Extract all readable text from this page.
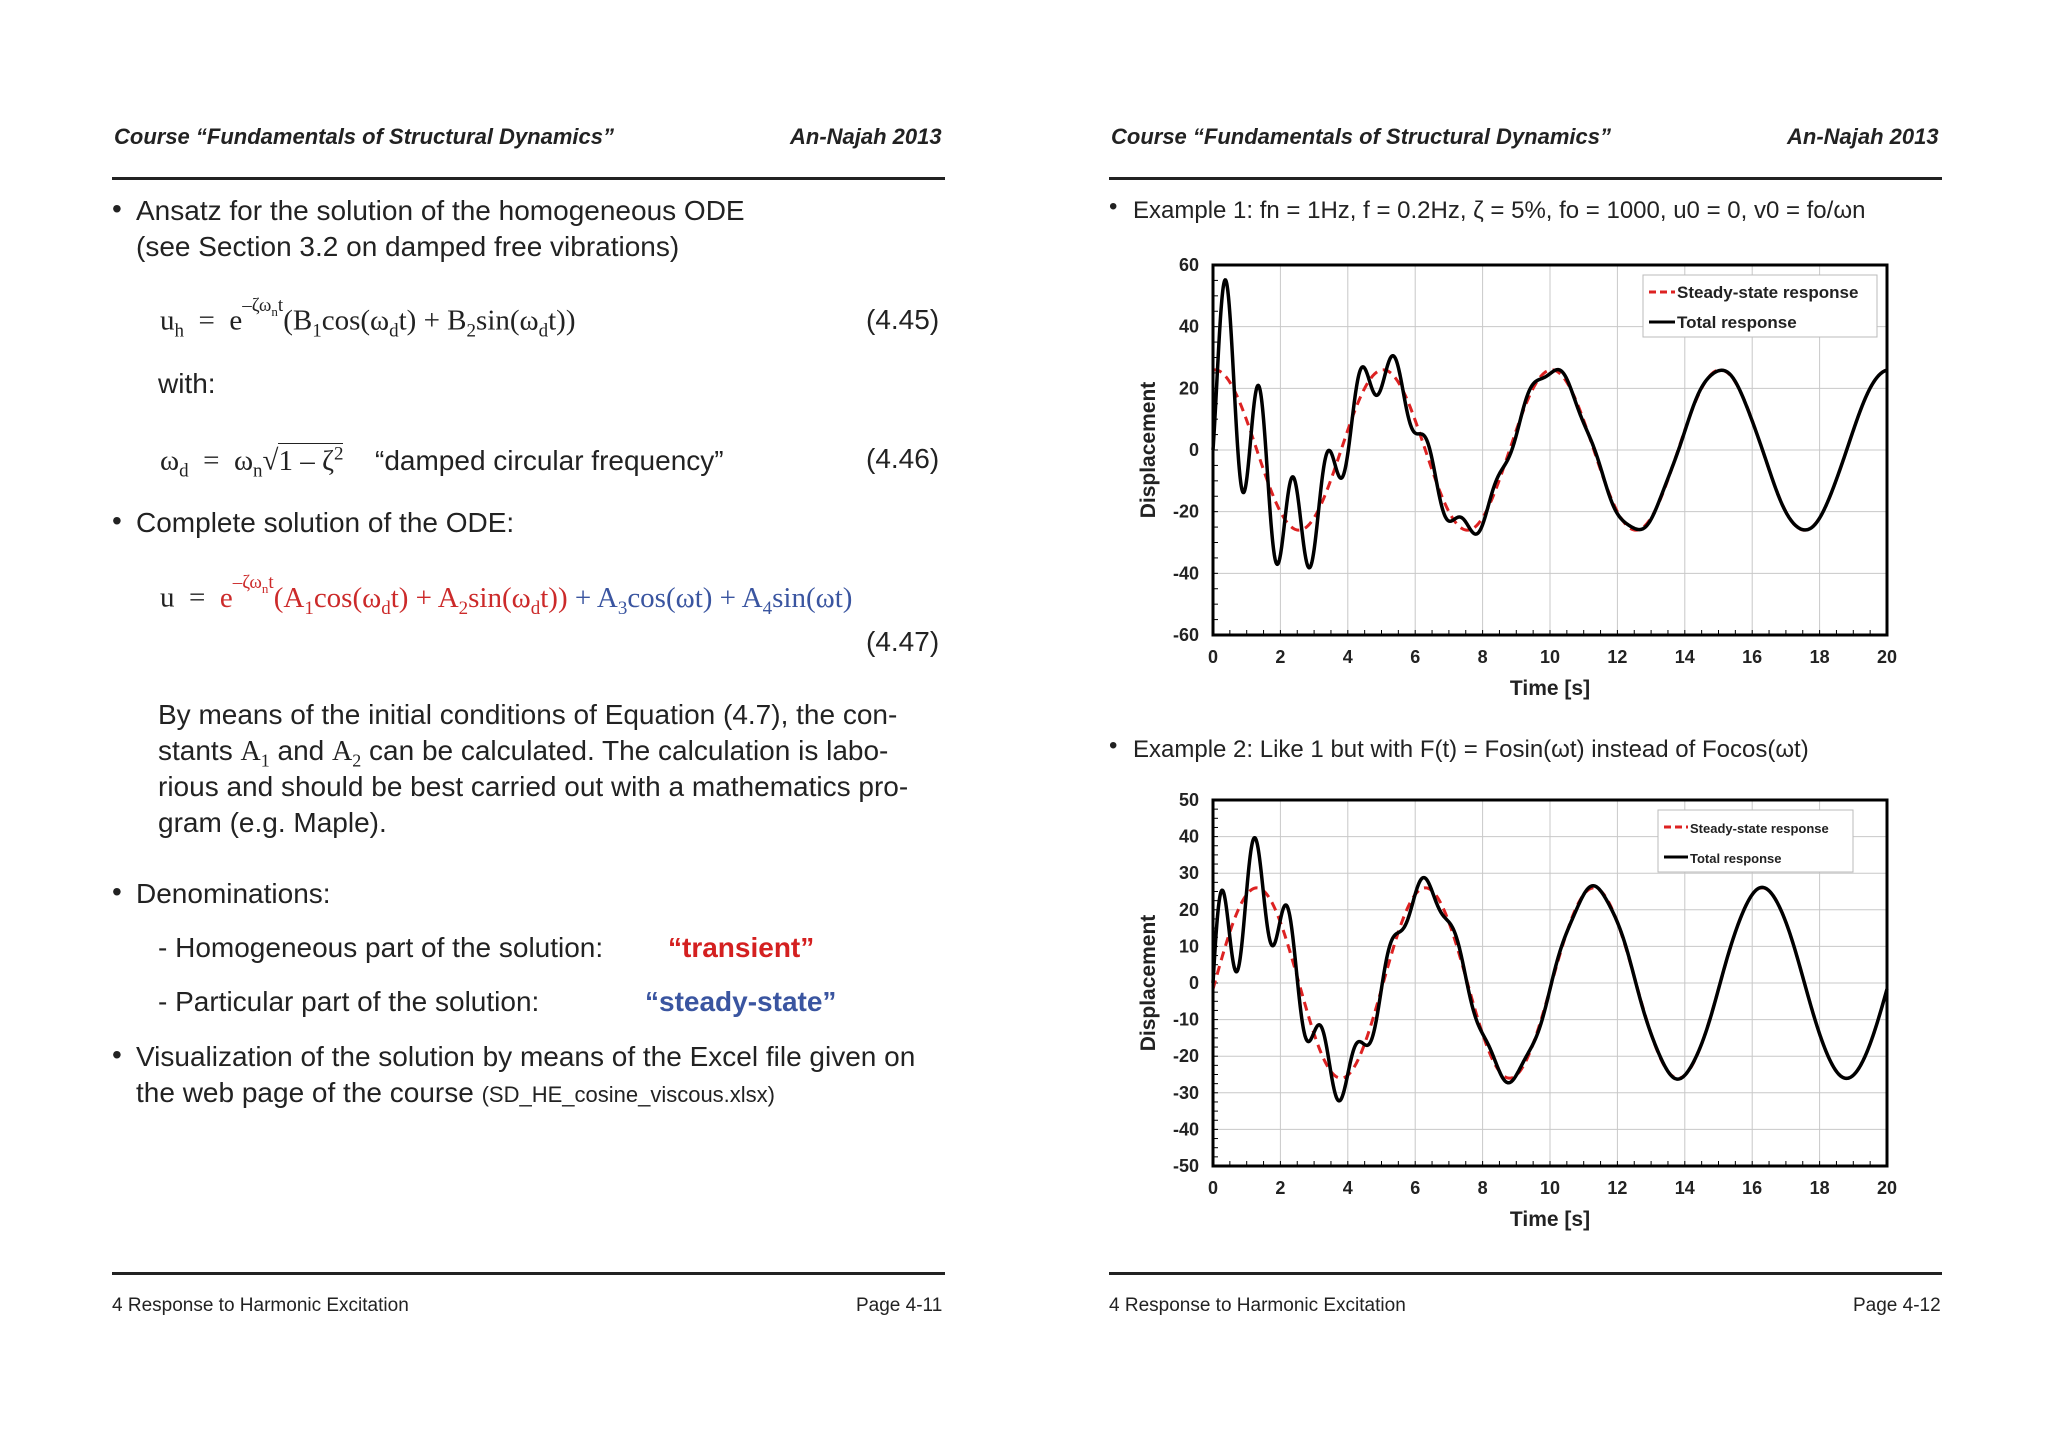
Course “Fundamentals of Structural Dynamics”	An-Najah 2013
• Ansatz for the solution of the homogeneous ODE
(see Section 3.2 on damped free vibrations)
$u_h = e^{-\zeta\omega_nt}(B_1\cos(\omega_dt) + B_2\sin(\omega_dt))$	(4.45)
with:
$\omega_d = \omega_n√1 - \zeta^2$ “damped circular frequency”	(4.46)
• Complete solution of the ODE:
$u = e^{-\zeta\omega_nt}(A_1\cos(\omega_dt) + A_2\sin(\omega_dt)) + A_3\cos(\omega t) + A_4\sin(\omega t)$
(4.47)
By means of the initial conditions of Equation (4.7), the con-
stants $A_1$ and $A_2$ can be calculated. The calculation is labo-
rious and should be best carried out with a mathematics pro-
gram (e.g. Maple).
• Denominations:
- Homogeneous part of the solution: “transient”
- Particular part of the solution:	“steady-state”
• Visualization of the solution by means of the Excel file given on
the web page of the course (SD_HE_cosine_viscous.xlsx)
4 Response to Harmonic Excitation	Page 4-11
Course “Fundamentals of Structural Dynamics”	An-Najah 2013
• Example 1: fn = 1Hz, f = 0.2Hz, ζ = 5%, fo = 1000, u0 = 0, v0 = fo/ωn
0	2	4	6	8	10	12	14	16	18	20
-60
-40
-20
0
20
40
60
Time [s]
Displacement
Steady-state response
Total response
• Example 2: Like 1 but with F(t) = Fosin(ωt) instead of Focos(ωt)
0	2	4	6	8	10	12	14	16	18	20
-50
-40
-30
-20
-10
0
10
20
30
40
50
Time [s]
Displacement
Steady-state response
Total response
4 Response to Harmonic Excitation	Page 4-12
